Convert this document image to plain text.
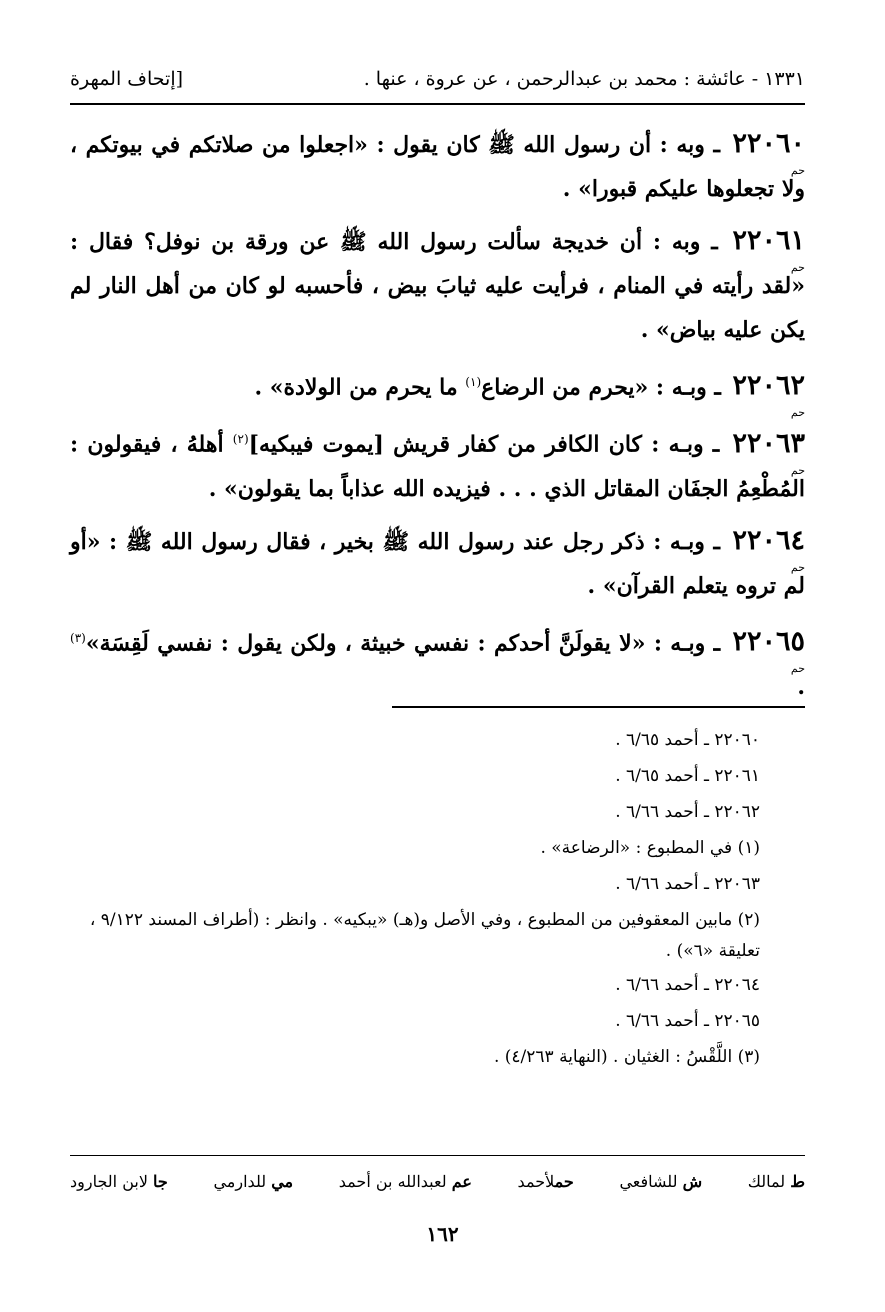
١٣٣١ - عائشة : محمد بن عبدالرحمن ، عن عروة ، عنها .
[إتحاف المهرة
٢٢٠٦٠
حم
ـ وبه : أن رسول الله ﷺ كان يقول : «اجعلوا من صلاتكم في بيوتكم ، ولا تجعلوها عليكم قبورا» .
٢٢٠٦١
حم
ـ وبه : أن خديجة سألت رسول الله ﷺ عن ورقة بن نوفل؟ فقال : «لقد رأيته في المنام ، فرأيت عليه ثيابَ بيض ، فأحسبه لو كان من أهل النار لم يكن عليه بياض» .
٢٢٠٦٢
حم
ـ وبـه : «يحرم من الرضاع$^{(١)}$ ما يحرم من الولادة» .
٢٢٠٦٣
حم
ـ وبـه : كان الكافر من كفار قريش [يموت فيبكيه]$^{(٢)}$ أهلهُ ، فيقولون : المُطْعِمُ الجفَان المقاتل الذي . . . فيزيده الله عذاباً بما يقولون» .
٢٢٠٦٤
حم
ـ وبـه : ذكر رجل عند رسول الله ﷺ بخير ، فقال رسول الله ﷺ : «أو لم تروه يتعلم القرآن» .
٢٢٠٦٥
حم
ـ وبـه : «لا يقولَنَّ أحدكم : نفسي خبيثة ، ولكن يقول : نفسي لَقِسَة»$^{(٣)}$ .
٢٢٠٦٠ ـ أحمد ٦/٦٥ .
٢٢٠٦١ ـ أحمد ٦/٦٥ .
٢٢٠٦٢ ـ أحمد ٦/٦٦ .
(١) في المطبوع : «الرضاعة» .
٢٢٠٦٣ ـ أحمد ٦/٦٦ .
(٢) مابين المعقوفين من المطبوع ، وفي الأصل و(هـ) «يبكيه» . وانظر : (أطراف المسند ٩/١٢٢ ، تعليقة «٦») .
٢٢٠٦٤ ـ أحمد ٦/٦٦ .
٢٢٠٦٥ ـ أحمد ٦/٦٦ .
(٣) اللَّقْسُ : الغثيان . (النهاية ٤/٢٦٣) .
ط لمالك
ش للشافعي
حملأحمد
عم لعبدالله بن أحمد
مي للدارمي
جا لابن الجارود
١٦٢
